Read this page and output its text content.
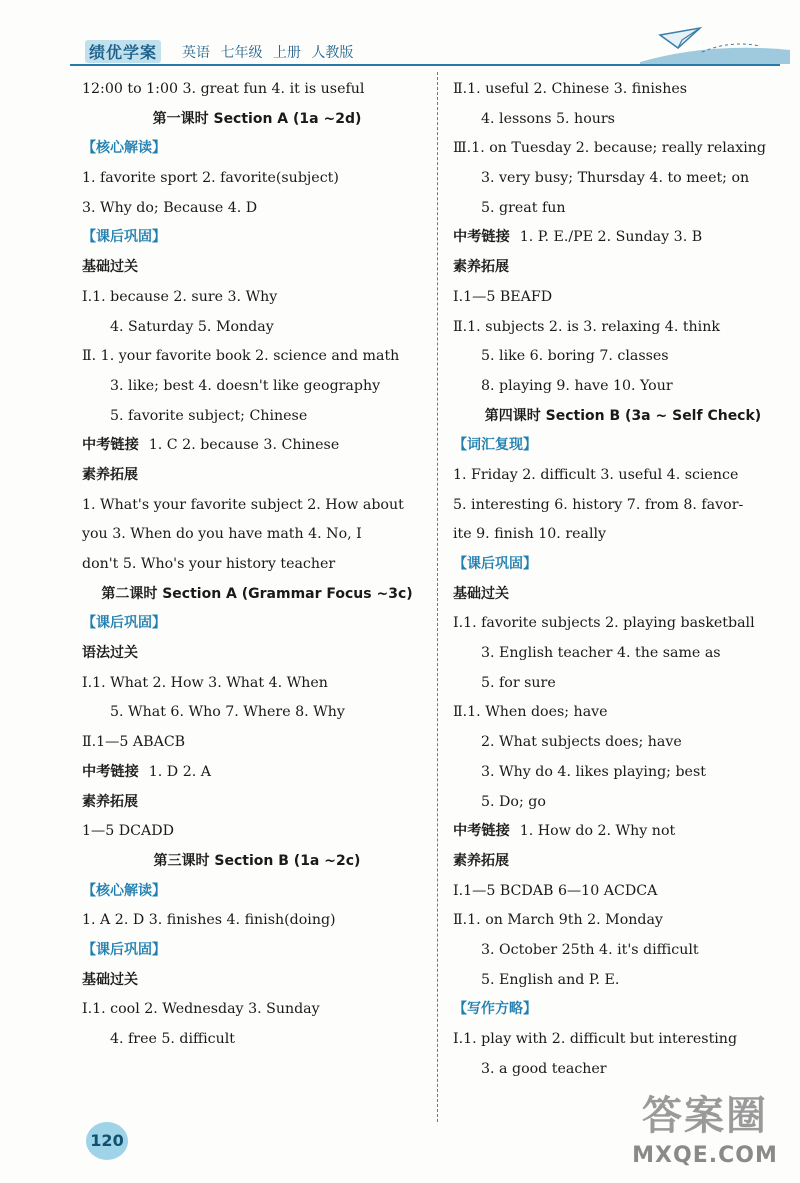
绩优学案 英语 七年级 上册 人教版
12:00 to 1:00 3. great fun 4. it is useful
第一课时 Section A (1a ~2d)
【核心解读】
1. favorite sport 2. favorite(subject)
3. Why do; Because 4. D
【课后巩固】
基础过关
Ⅰ.1. because 2. sure 3. Why
4. Saturday 5. Monday
Ⅱ. 1. your favorite book 2. science and math
3. like; best 4. doesn't like geography
5. favorite subject; Chinese
中考链接 1. C 2. because 3. Chinese
素养拓展
1. What's your favorite subject 2. How about
you 3. When do you have math 4. No, I
don't 5. Who's your history teacher
第二课时 Section A (Grammar Focus ~3c)
【课后巩固】
语法过关
Ⅰ.1. What 2. How 3. What 4. When
5. What 6. Who 7. Where 8. Why
Ⅱ.1—5 ABACB
中考链接 1. D 2. A
素养拓展
1—5 DCADD
第三课时 Section B (1a ~2c)
【核心解读】
1. A 2. D 3. finishes 4. finish(doing)
【课后巩固】
基础过关
Ⅰ.1. cool 2. Wednesday 3. Sunday
4. free 5. difficult
Ⅱ.1. useful 2. Chinese 3. finishes
4. lessons 5. hours
Ⅲ.1. on Tuesday 2. because; really relaxing
3. very busy; Thursday 4. to meet; on
5. great fun
中考链接 1. P. E./PE 2. Sunday 3. B
素养拓展
Ⅰ.1—5 BEAFD
Ⅱ.1. subjects 2. is 3. relaxing 4. think
5. like 6. boring 7. classes
8. playing 9. have 10. Your
第四课时 Section B (3a ~ Self Check)
【词汇复现】
1. Friday 2. difficult 3. useful 4. science
5. interesting 6. history 7. from 8. favor-
ite 9. finish 10. really
【课后巩固】
基础过关
Ⅰ.1. favorite subjects 2. playing basketball
3. English teacher 4. the same as
5. for sure
Ⅱ.1. When does; have
2. What subjects does; have
3. Why do 4. likes playing; best
5. Do; go
中考链接 1. How do 2. Why not
素养拓展
Ⅰ.1—5 BCDAB 6—10 ACDCA
Ⅱ.1. on March 9th 2. Monday
3. October 25th 4. it's difficult
5. English and P. E.
【写作方略】
Ⅰ.1. play with 2. difficult but interesting
3. a good teacher
120
答案圈
MXQE.COM
